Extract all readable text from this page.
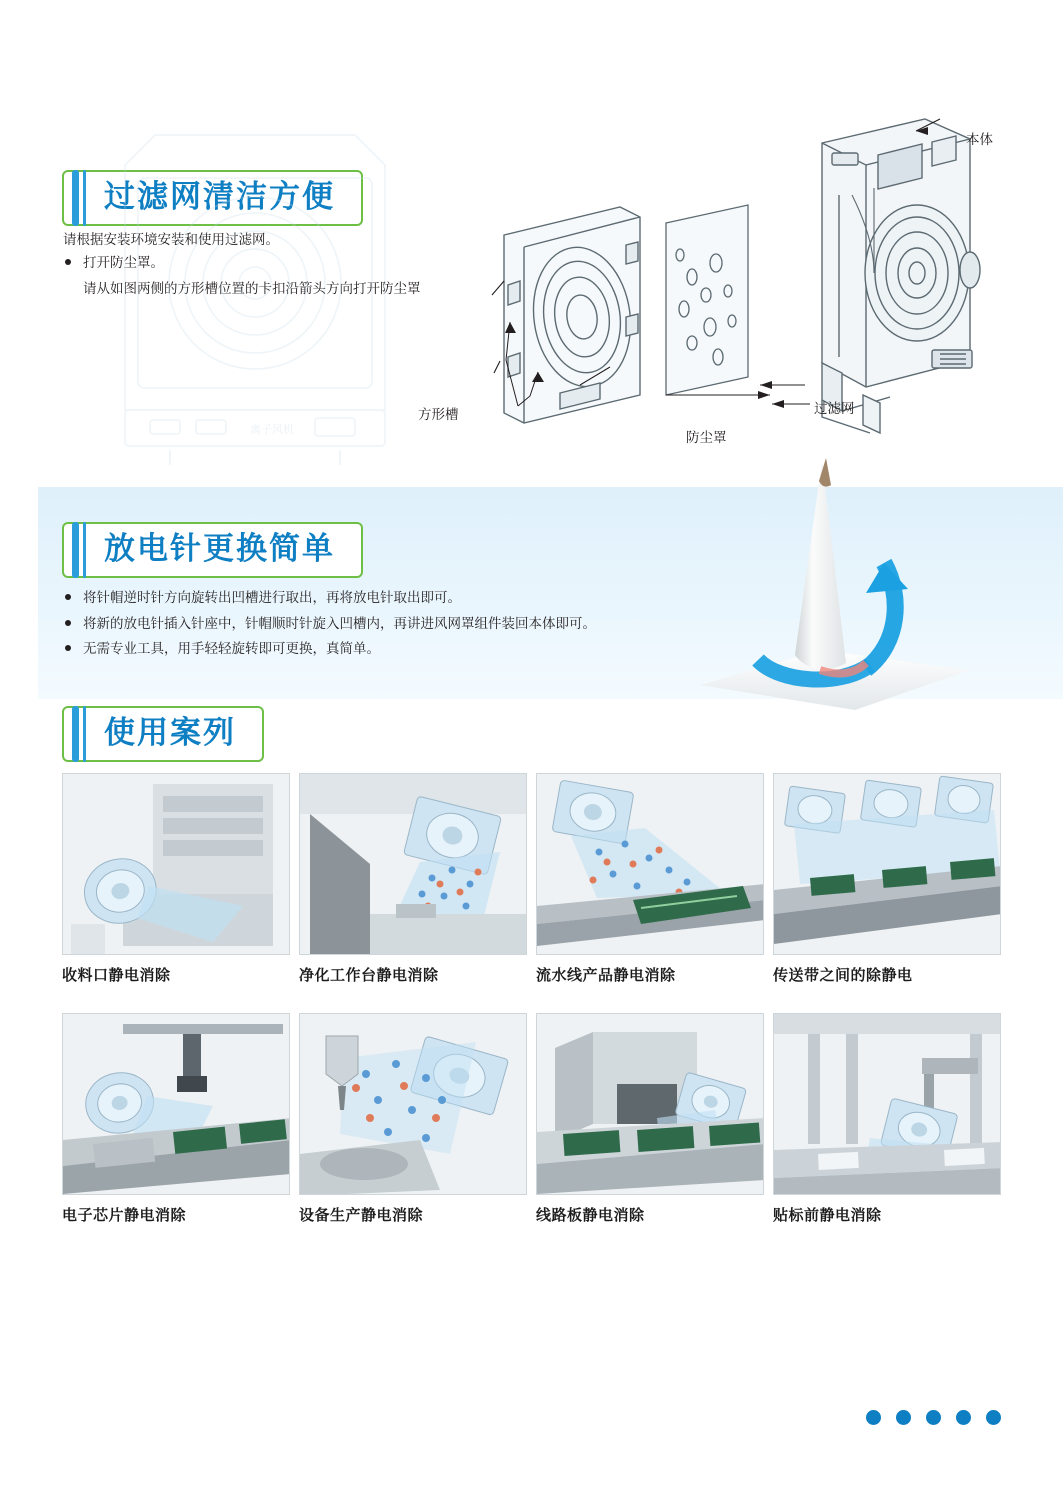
过滤网清洁方便
请根据安装环境安装和使用过滤网。
打开防尘罩。
请从如图两侧的方形槽位置的卡扣沿箭头方向打开防尘罩
离子风机
本体
方形槽
防尘罩
过滤网
放电针更换简单
将针帽逆时针方向旋转出凹槽进行取出，再将放电针取出即可。
将新的放电针插入针座中，针帽顺时针旋入凹槽内，再讲进风网罩组件装回本体即可。
无需专业工具，用手轻轻旋转即可更换，真简单。
使用案列
收料口静电消除	净化工作台静电消除	流水线产品静电消除	传送带之间的除静电
电子芯片静电消除	设备生产静电消除	线路板静电消除	贴标前静电消除
